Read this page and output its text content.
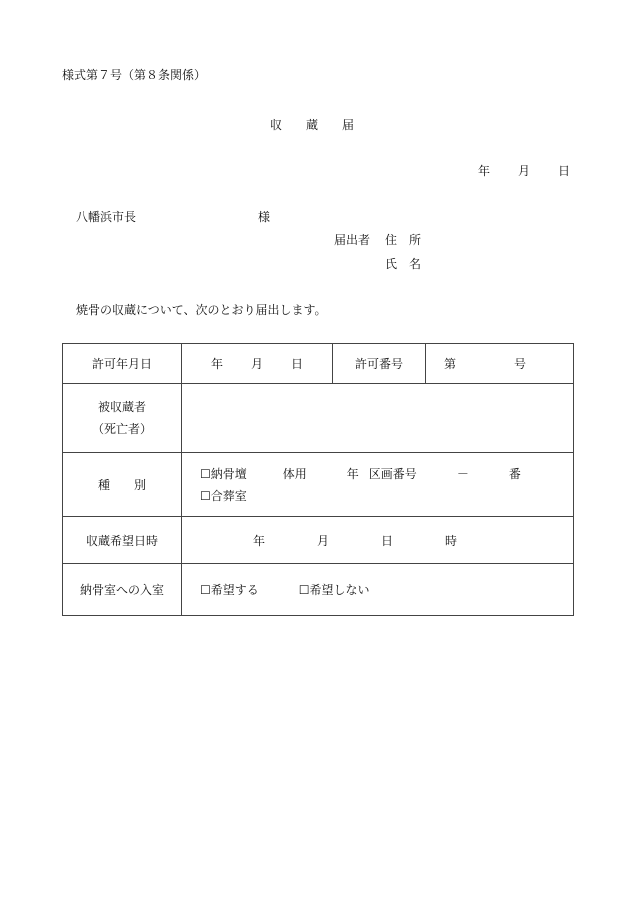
様式第７号（第８条関係）
収 蔵 届
年 月 日
八幡浜市長	様
届出者 住　所
氏　名
焼骨の収蔵について、次のとおり届出します。
許可年月日	年 月 日	許可番号	第 号

被収蔵者
（死亡者）			

種　　別	☐納骨壇 体用 年 区画番号 － 番
☐合葬室		

収蔵希望日時	年 月 日 時		
納骨室への入室	☐希望する ☐希望しない		
